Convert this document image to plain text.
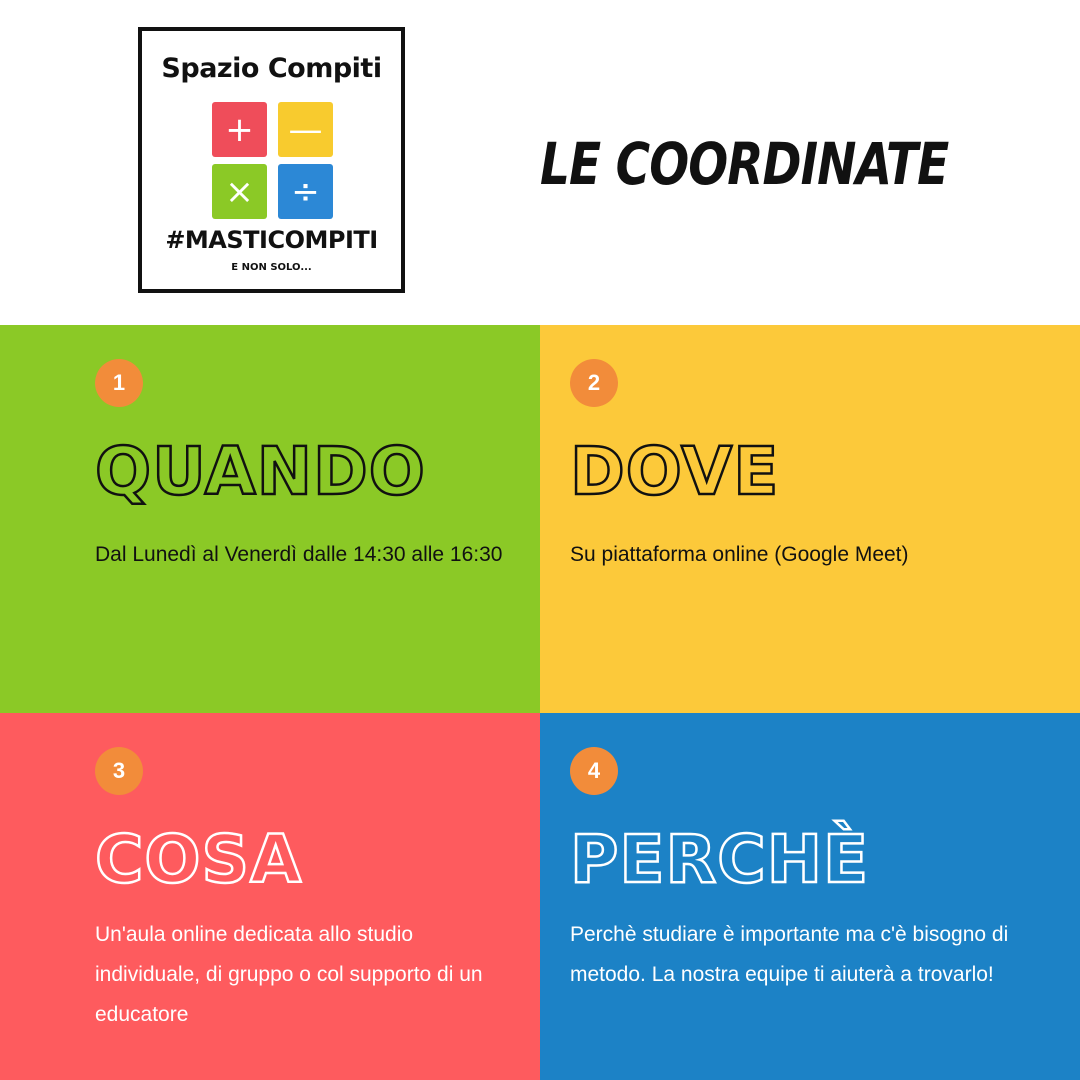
Spazio Compiti
+	—
×	÷
#MASTICOMPITI
E NON SOLO...
LE COORDINATE
1
QUANDO
Dal Lunedì al Venerdì dalle 14:30 alle 16:30
2
DOVE
Su piattaforma online (Google Meet)
3
COSA
Un'aula online dedicata allo studio individuale, di gruppo o col supporto di un educatore
4
PERCHÈ
Perchè studiare è importante ma c'è bisogno di metodo. La nostra equipe ti aiuterà a trovarlo!
